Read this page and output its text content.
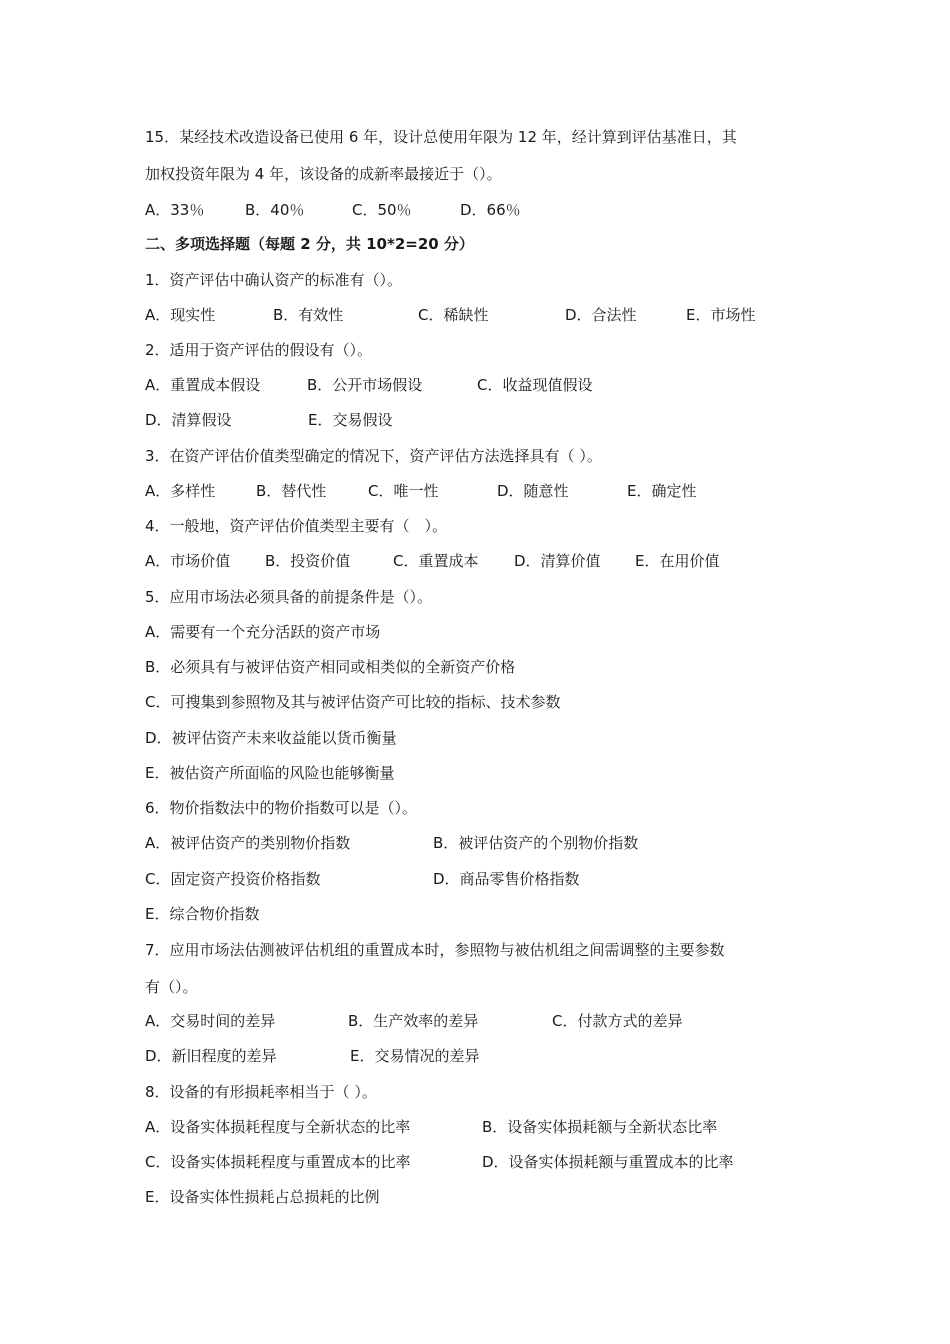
15．某经技术改造设备已使用 6 年，设计总使用年限为 12 年，经计算到评估基准日，其
加权投资年限为 4 年，该设备的成新率最接近于（）。
A．33％	B．40％	C．50％	D．66％
二、多项选择题（每题 2 分，共 10*2=20 分）
1．资产评估中确认资产的标准有（）。
A．现实性	B．有效性	C．稀缺性	D．合法性	E．市场性
2．适用于资产评估的假设有（）。
A．重置成本假设	B．公开市场假设	C．收益现值假设
D．清算假设	E．交易假设
3．在资产评估价值类型确定的情况下，资产评估方法选择具有（ ）。
A．多样性	B．替代性	C．唯一性	D．随意性	E．确定性
4．一般地，资产评估价值类型主要有（　）。
A．市场价值 B．投资价值	C．重置成本 D．清算价值 E．在用价值
5．应用市场法必须具备的前提条件是（）。
A．需要有一个充分活跃的资产市场
B．必须具有与被评估资产相同或相类似的全新资产价格
C．可搜集到参照物及其与被评估资产可比较的指标、技术参数
D．被评估资产未来收益能以货币衡量
E．被估资产所面临的风险也能够衡量
6．物价指数法中的物价指数可以是（）。
A．被评估资产的类别物价指数	B．被评估资产的个别物价指数
C．固定资产投资价格指数	D．商品零售价格指数
E．综合物价指数
7．应用市场法估测被评估机组的重置成本时，参照物与被估机组之间需调整的主要参数
有（）。
A．交易时间的差异	B．生产效率的差异	C．付款方式的差异
D．新旧程度的差异	E．交易情况的差异
8．设备的有形损耗率相当于（ ）。
A．设备实体损耗程度与全新状态的比率	B．设备实体损耗额与全新状态比率
C．设备实体损耗程度与重置成本的比率	D．设备实体损耗额与重置成本的比率
E．设备实体性损耗占总损耗的比例
